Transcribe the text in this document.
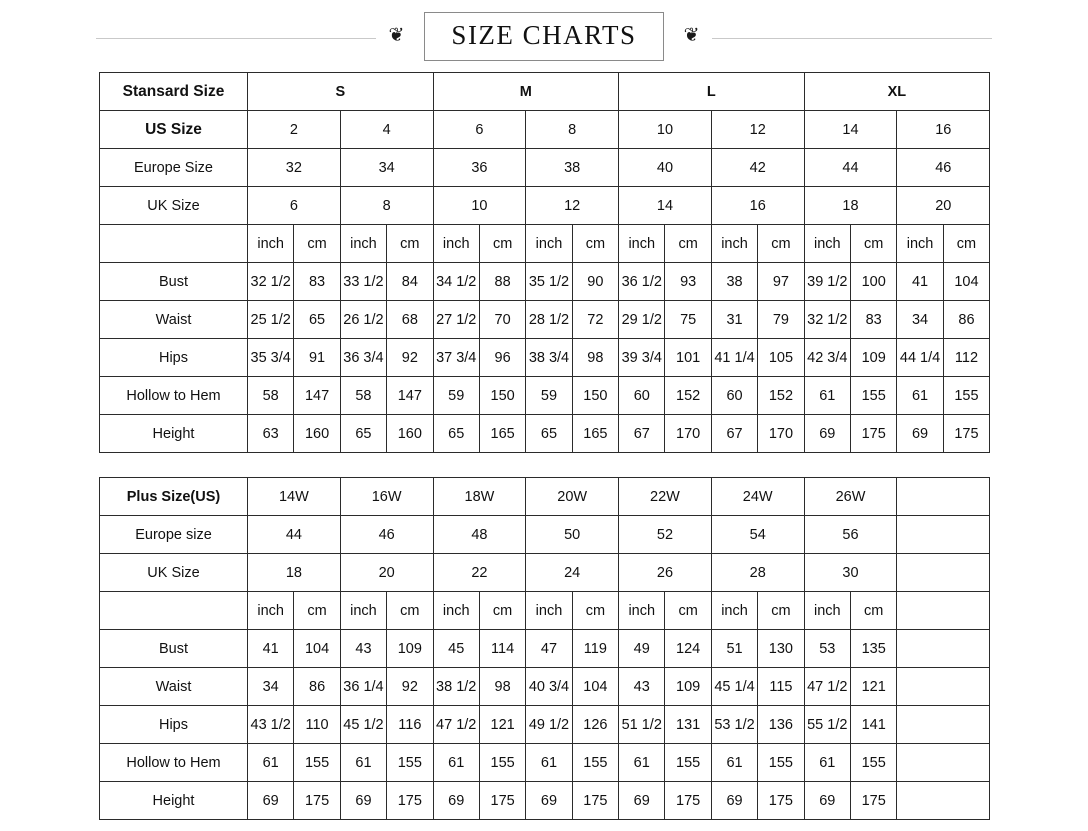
❦	SIZE CHARTS	❦
Stansard Size	S				M				L				XL			
US Size	2		4		6		8		10		12		14		16	
Europe Size	32		34		36		38		40		42		44		46	
UK Size	6		8		10		12		14		16		18		20	
	inch	cm	inch	cm	inch	cm	inch	cm	inch	cm	inch	cm	inch	cm	inch	cm
Bust	32 1/2	83	33 1/2	84	34 1/2	88	35 1/2	90	36 1/2	93	38	97	39 1/2	100	41	104
Waist	25 1/2	65	26 1/2	68	27 1/2	70	28 1/2	72	29 1/2	75	31	79	32 1/2	83	34	86
Hips	35 3/4	91	36 3/4	92	37 3/4	96	38 3/4	98	39 3/4	101	41 1/4	105	42 3/4	109	44 1/4	112
Hollow to Hem	58	147	58	147	59	150	59	150	60	152	60	152	61	155	61	155
Height	63	160	65	160	65	165	65	165	67	170	67	170	69	175	69	175
Plus Size(US)	14W		16W		18W		20W		22W		24W		26W		
Europe size	44		46		48		50		52		54		56		
UK Size	18		20		22		24		26		28		30		
	inch	cm	inch	cm	inch	cm	inch	cm	inch	cm	inch	cm	inch	cm	
Bust	41	104	43	109	45	114	47	119	49	124	51	130	53	135	
Waist	34	86	36 1/4	92	38 1/2	98	40 3/4	104	43	109	45 1/4	115	47 1/2	121	
Hips	43 1/2	110	45 1/2	116	47 1/2	121	49 1/2	126	51 1/2	131	53 1/2	136	55 1/2	141	
Hollow to Hem	61	155	61	155	61	155	61	155	61	155	61	155	61	155	
Height	69	175	69	175	69	175	69	175	69	175	69	175	69	175	
